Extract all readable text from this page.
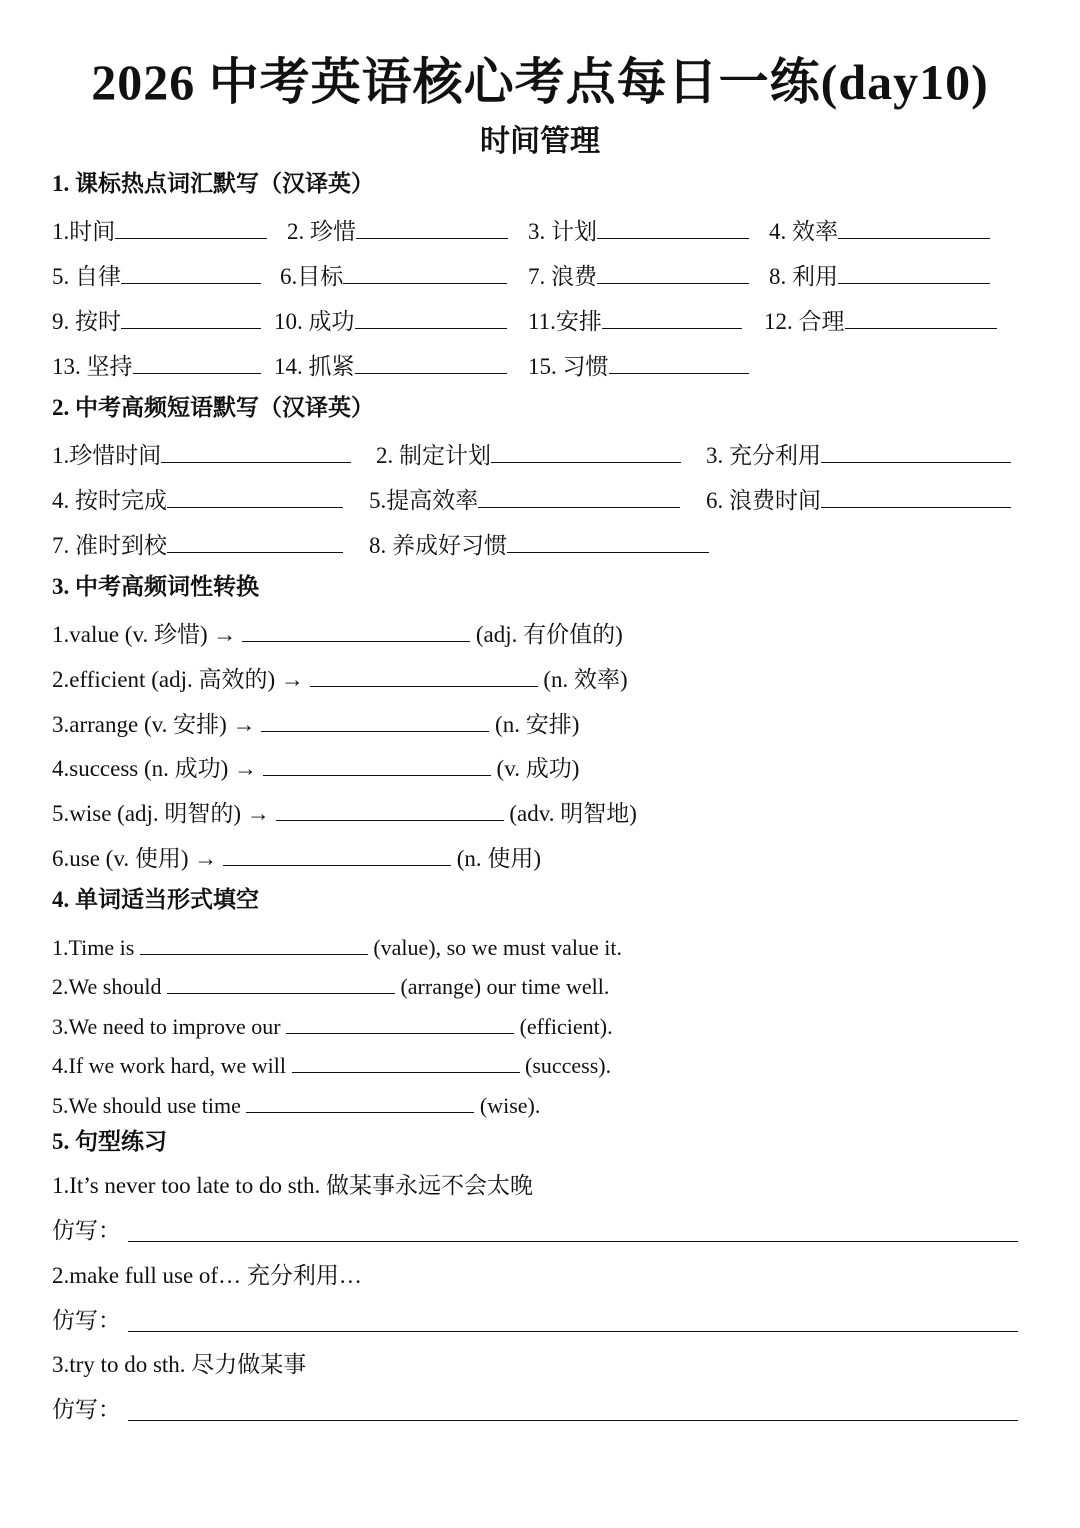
2026 中考英语核心考点每日一练(day10)
时间管理
1. 课标热点词汇默写（汉译英）
1.时间	2. 珍惜	3. 计划	4. 效率
5. 自律	6.目标	7. 浪费	8. 利用
9. 按时	10. 成功	11.安排	12. 合理
13. 坚持	14. 抓紧	15. 习惯
2. 中考高频短语默写（汉译英）
1.珍惜时间	2. 制定计划	3. 充分利用
4. 按时完成	5.提高效率	6. 浪费时间
7. 准时到校	8. 养成好习惯
3. 中考高频词性转换
1.value (v. 珍惜) →	(adj. 有价值的)
2.efficient (adj. 高效的) →	(n. 效率)
3.arrange (v. 安排) →	(n. 安排)
4.success (n. 成功) →	(v. 成功)
5.wise (adj. 明智的) →	(adv. 明智地)
6.use (v. 使用) →	(n. 使用)
4. 单词适当形式填空
1.Time is	(value), so we must value it.
2.We should	(arrange) our time well.
3.We need to improve our	(efficient).
4.If we work hard, we will	(success).
5.We should use time	(wise).
5. 句型练习
1.It’s never too late to do sth. 做某事永远不会太晚
仿写：
2.make full use of… 充分利用…
仿写：
3.try to do sth. 尽力做某事
仿写：
